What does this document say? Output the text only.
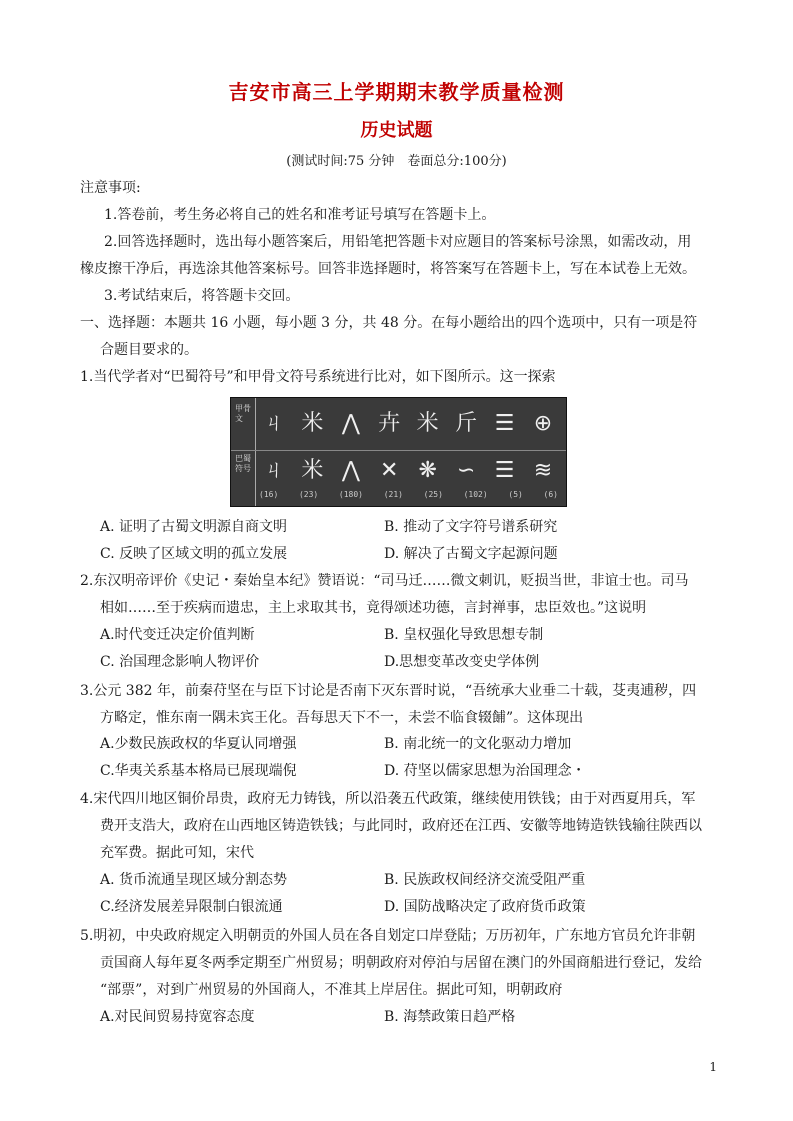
吉安市高三上学期期末教学质量检测
历史试题
(测试时间:75 分钟　卷面总分:100分)
注意事项:
1.答卷前，考生务必将自己的姓名和准考证号填写在答题卡上。
2.回答选择题时，选出每小题答案后，用铅笔把答题卡对应题目的答案标号涂黑，如需改动，用
橡皮擦干净后，再选涂其他答案标号。回答非选择题时，将答案写在答题卡上，写在本试卷上无效。
3.考试结束后，将答题卡交回。
一、选择题：本题共 16 小题，每小题 3 分，共 48 分。在每小题给出的四个选项中，只有一项是符
合题目要求的。
1.当代学者对“巴蜀符号”和甲骨文符号系统进行比对，如下图所示。这一探索
甲骨文
巴蜀符号
ㄐ 米 ⋀ 卉 米 斤 ☰ ⊕
ㄐ 米 ⋀ ✕ ❋ ∽ ☰ ≋
(16)	(23)	(180)	(21)	(25)	(102)	(5)	(6)
A. 证明了古蜀文明源自商文明	B. 推动了文字符号谱系研究
C. 反映了区域文明的孤立发展	D. 解决了古蜀文字起源问题
2.东汉明帝评价《史记・秦始皇本纪》赞语说：“司马迁……微文刺讥，贬损当世，非谊士也。司马
相如……至于疾病而遗忠，主上求取其书，竟得颂述功德，言封禅事，忠臣效也。”这说明
A.时代变迁决定价值判断	B. 皇权强化导致思想专制
C. 治国理念影响人物评价	D.思想变革改变史学体例
3.公元 382 年，前秦苻坚在与臣下讨论是否南下灭东晋时说，“吾统承大业垂二十载，芟夷逋秽，四
方略定，惟东南一隅未宾王化。吾每思天下不一，未尝不临食辍餔”。这体现出
A.少数民族政权的华夏认同增强	B. 南北统一的文化驱动力增加
C.华夷关系基本格局已展现端倪	D. 苻坚以儒家思想为治国理念・
4.宋代四川地区铜价昂贵，政府无力铸钱，所以沿袭五代政策，继续使用铁钱；由于对西夏用兵，军
费开支浩大，政府在山西地区铸造铁钱；与此同时，政府还在江西、安徽等地铸造铁钱输往陕西以
充军费。据此可知，宋代
A. 货币流通呈现区域分割态势	B. 民族政权间经济交流受阻严重
C.经济发展差异限制白银流通	D. 国防战略决定了政府货币政策
5.明初，中央政府规定入明朝贡的外国人员在各自划定口岸登陆；万历初年，广东地方官员允许非朝
贡国商人每年夏冬两季定期至广州贸易；明朝政府对停泊与居留在澳门的外国商船进行登记，发给
“部票”，对到广州贸易的外国商人，不准其上岸居住。据此可知，明朝政府
A.对民间贸易持宽容态度	B. 海禁政策日趋严格
1
